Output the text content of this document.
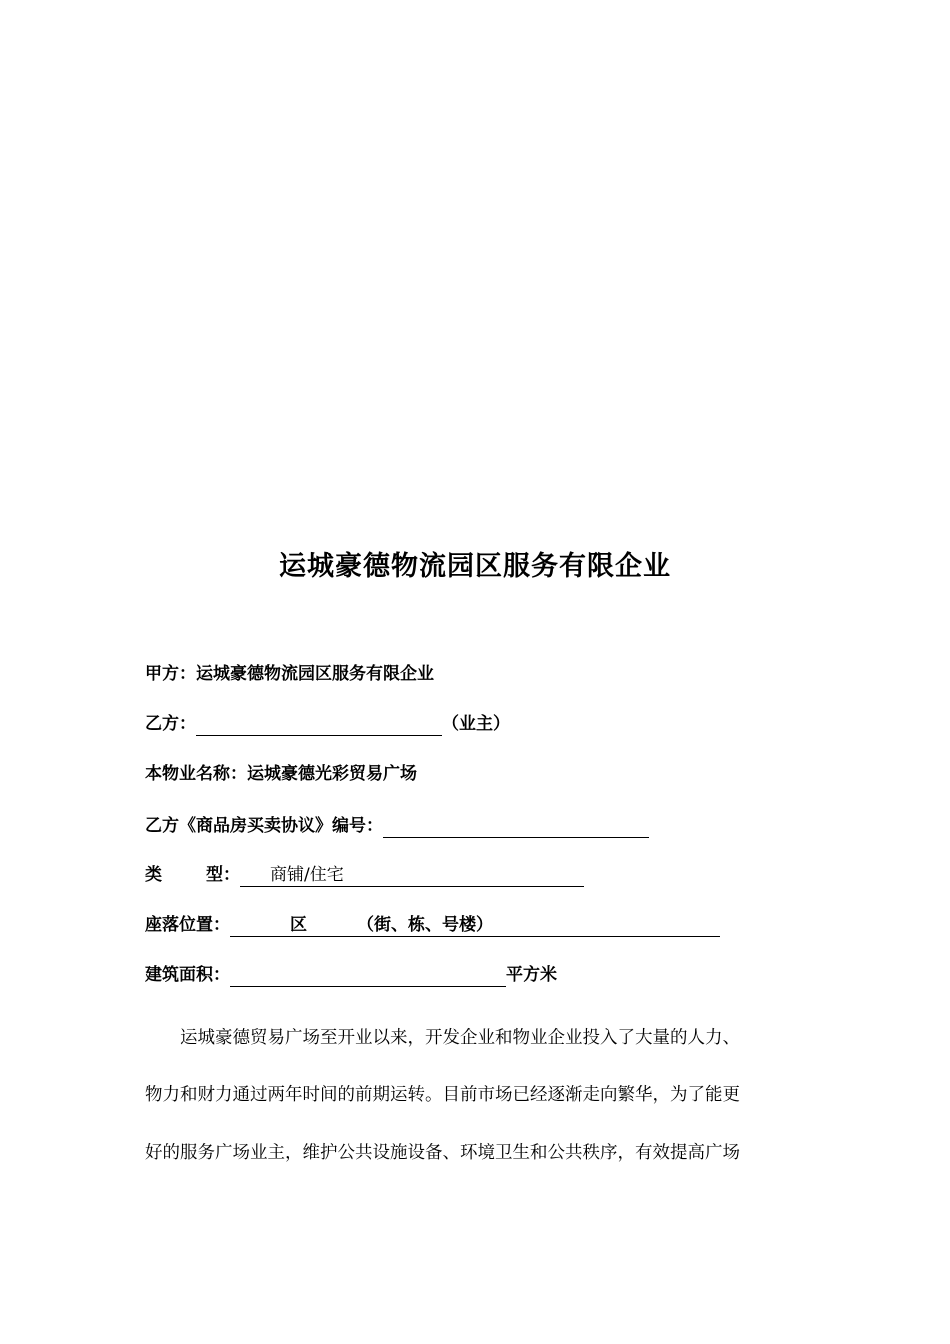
运城豪德物流园区服务有限企业
甲方：运城豪德物流园区服务有限企业
乙方：	（业主）
本物业名称：运城豪德光彩贸易广场
乙方《商品房买卖协议》编号：
类	型： 商铺/住宅
座落位置：	区	（街、栋、号楼）
建筑面积：	平方米
运城豪德贸易广场至开业以来，开发企业和物业企业投入了大量的人力、
物力和财力通过两年时间的前期运转。目前市场已经逐渐走向繁华，为了能更
好的服务广场业主，维护公共设施设备、环境卫生和公共秩序，有效提高广场
